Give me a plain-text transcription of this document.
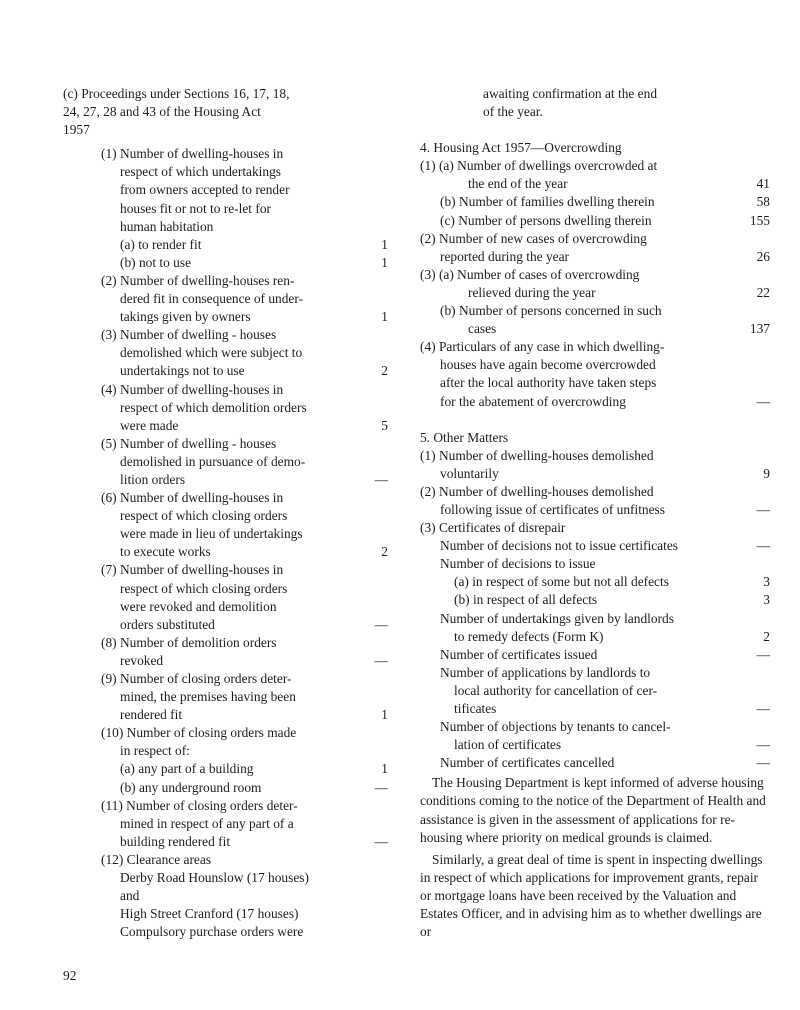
(c) Proceedings under Sections 16, 17, 18,
24, 27, 28 and 43 of the Housing Act
1957
(1) Number of dwelling-houses in
respect of which undertakings
from owners accepted to render
houses fit or not to re-let for
human habitation
(a) to render fit	1
(b) not to use	1
(2) Number of dwelling-houses ren-
dered fit in consequence of under-
takings given by owners	1
(3) Number of dwelling - houses
demolished which were subject to
undertakings not to use	2
(4) Number of dwelling-houses in
respect of which demolition orders
were made	5
(5) Number of dwelling - houses
demolished in pursuance of demo-
lition orders	—
(6) Number of dwelling-houses in
respect of which closing orders
were made in lieu of undertakings
to execute works	2
(7) Number of dwelling-houses in
respect of which closing orders
were revoked and demolition
orders substituted	—
(8) Number of demolition orders
revoked	—
(9) Number of closing orders deter-
mined, the premises having been
rendered fit	1
(10) Number of closing orders made
in respect of:
(a) any part of a building	1
(b) any underground room	—
(11) Number of closing orders deter-
mined in respect of any part of a
building rendered fit	—
(12) Clearance areas
Derby Road Hounslow (17 houses)
and
High Street Cranford (17 houses)
Compulsory purchase orders were
awaiting confirmation at the end
of the year.
4. Housing Act 1957—Overcrowding
(1) (a) Number of dwellings overcrowded at
the end of the year	41
(b) Number of families dwelling therein	58
(c) Number of persons dwelling therein	155
(2) Number of new cases of overcrowding
reported during the year	26
(3) (a) Number of cases of overcrowding
relieved during the year	22
(b) Number of persons concerned in such
cases	137
(4) Particulars of any case in which dwelling-
houses have again become overcrowded
after the local authority have taken steps
for the abatement of overcrowding	—
5. Other Matters
(1) Number of dwelling-houses demolished
voluntarily	9
(2) Number of dwelling-houses demolished
following issue of certificates of unfitness	—
(3) Certificates of disrepair
Number of decisions not to issue certificates	—
Number of decisions to issue
(a) in respect of some but not all defects	3
(b) in respect of all defects	3
Number of undertakings given by landlords
to remedy defects (Form K)	2
Number of certificates issued	—
Number of applications by landlords to
local authority for cancellation of cer-
tificates	—
Number of objections by tenants to cancel-
lation of certificates	—
Number of certificates cancelled	—
The Housing Department is kept informed of adverse housing conditions coming to the notice of the Department of Health and assistance is given in the assessment of applications for re-housing where priority on medical grounds is claimed.
Similarly, a great deal of time is spent in inspecting dwellings in respect of which applications for improvement grants, repair or mortgage loans have been received by the Valuation and Estates Officer, and in advising him as to whether dwellings are or
92
